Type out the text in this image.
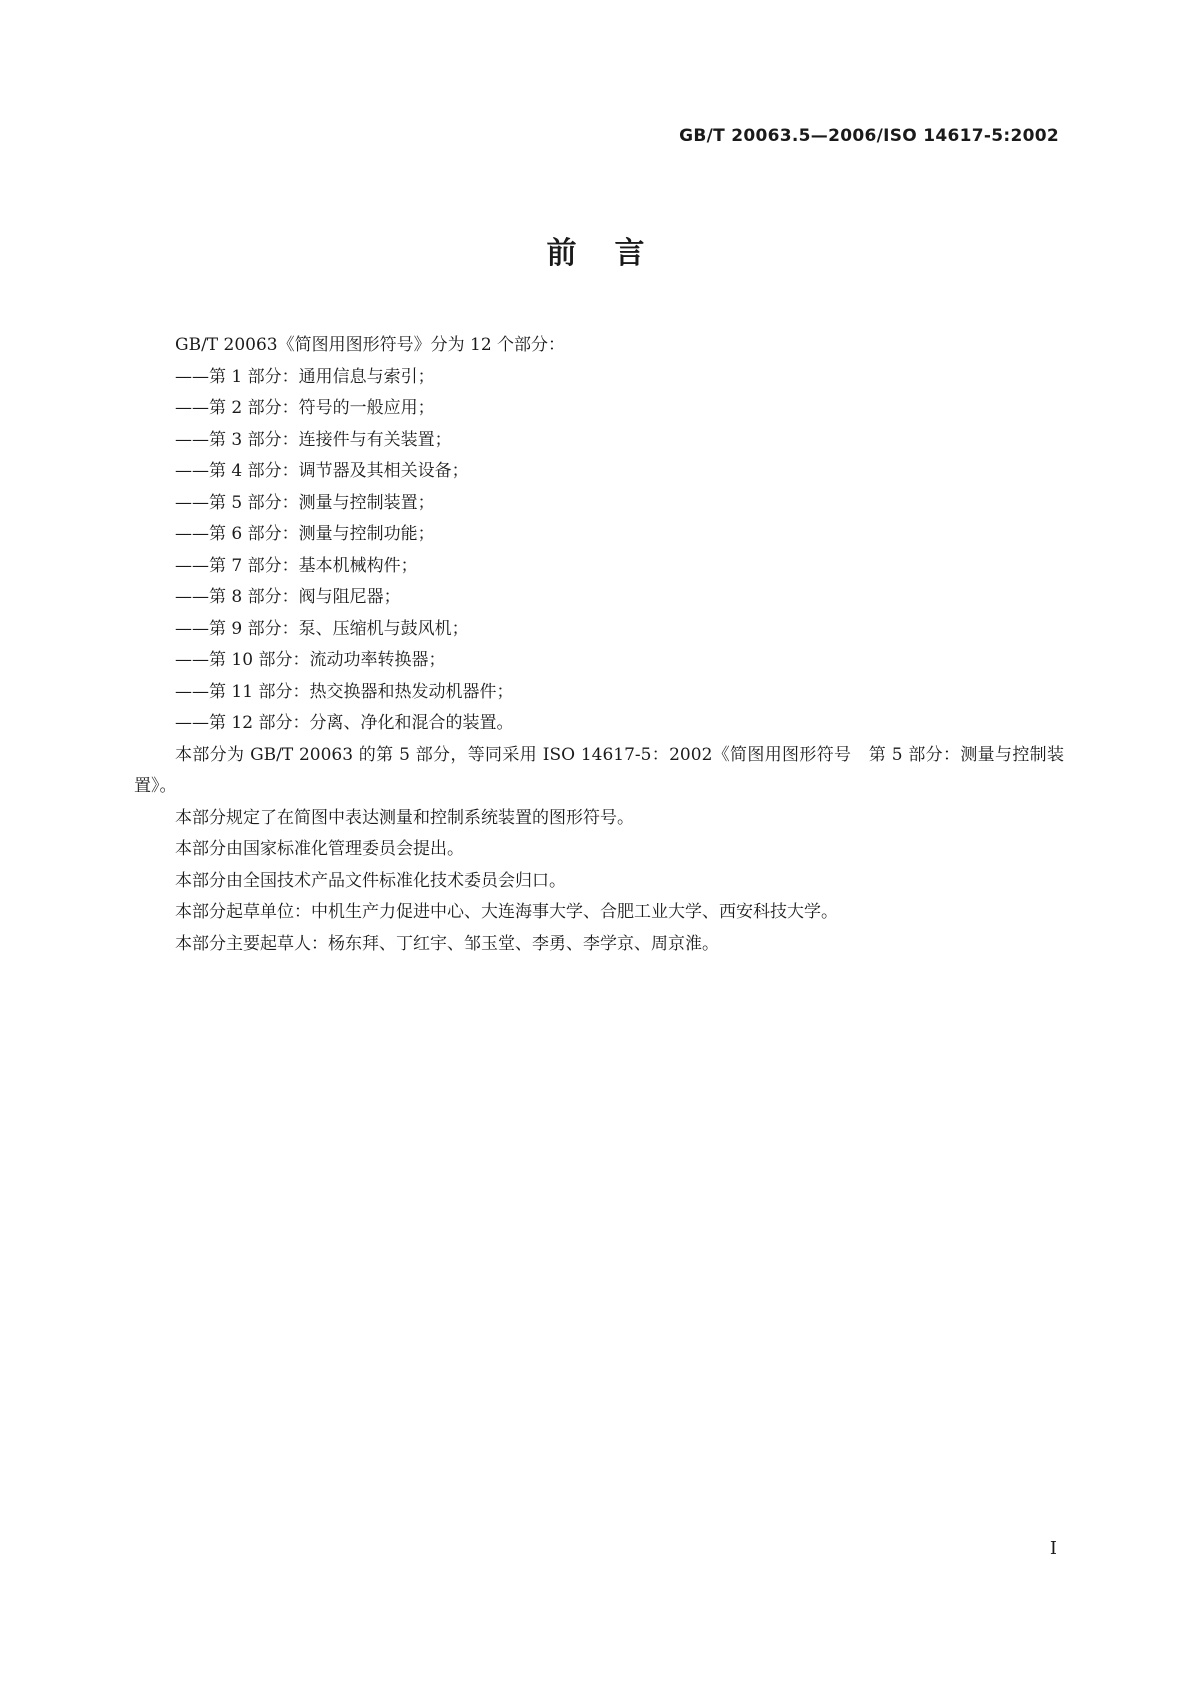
GB/T 20063.5—2006/ISO 14617-5:2002
前言

GB/T 20063《简图用图形符号》分为 12 个部分：

——第 1 部分：通用信息与索引；

——第 2 部分：符号的一般应用；

——第 3 部分：连接件与有关装置；

——第 4 部分：调节器及其相关设备；

——第 5 部分：测量与控制装置；

——第 6 部分：测量与控制功能；

——第 7 部分：基本机械构件；

——第 8 部分：阀与阻尼器；

——第 9 部分：泵、压缩机与鼓风机；

——第 10 部分：流动功率转换器；

——第 11 部分：热交换器和热发动机器件；

——第 12 部分：分离、净化和混合的装置。

本部分为 GB/T 20063 的第 5 部分，等同采用 ISO 14617-5：2002《简图用图形符号　第 5 部分：测量与控制装置》。

本部分规定了在简图中表达测量和控制系统装置的图形符号。

本部分由国家标准化管理委员会提出。

本部分由全国技术产品文件标准化技术委员会归口。

本部分起草单位：中机生产力促进中心、大连海事大学、合肥工业大学、西安科技大学。

本部分主要起草人：杨东拜、丁红宇、邹玉堂、李勇、李学京、周京淮。

I
